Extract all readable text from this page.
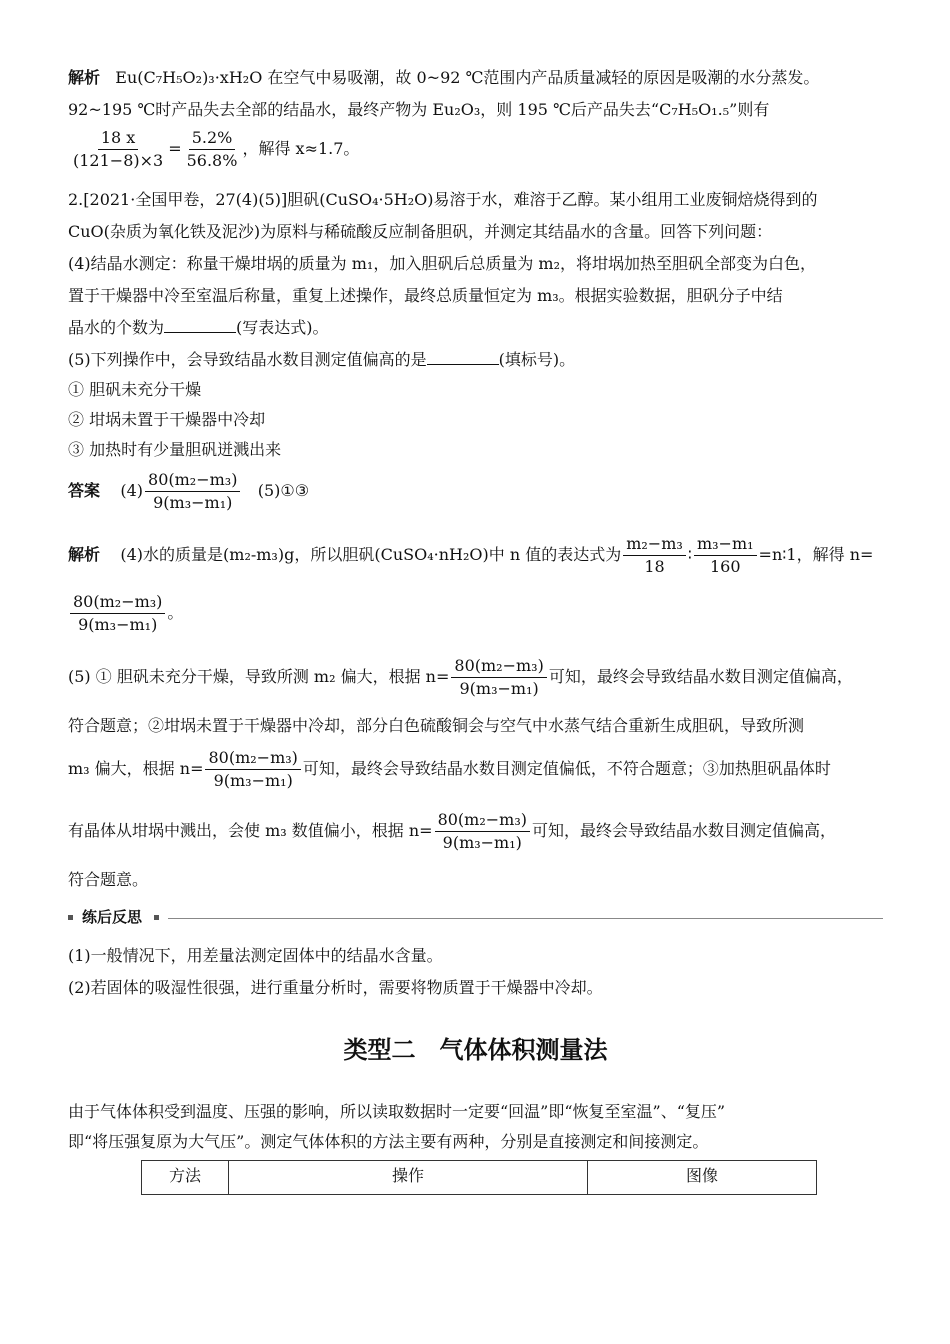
解析 Eu(C₇H₅O₂)₃·xH₂O 在空气中易吸潮，故 0~92 ℃范围内产品质量减轻的原因是吸潮的水分蒸发。
92~195 ℃时产品失去全部的结晶水，最终产物为 Eu₂O₃，则 195 ℃后产品失去“C₇H₅O₁.₅”则有
$\frac{18 x}{(121-8)\times 3} = \frac{5.2\%}{56.8\%}$ ，解得 x≈1.7。
2.[2021·全国甲卷，27(4)(5)]胆矾(CuSO₄·5H₂O)易溶于水，难溶于乙醇。某小组用工业废铜焙烧得到的
CuO(杂质为氧化铁及泥沙)为原料与稀硫酸反应制备胆矾，并测定其结晶水的含量。回答下列问题：
(4)结晶水测定：称量干燥坩埚的质量为 m₁，加入胆矾后总质量为 m₂，将坩埚加热至胆矾全部变为白色，
置于干燥器中冷至室温后称量，重复上述操作，最终总质量恒定为 m₃。根据实验数据，胆矾分子中结
晶水的个数为	(写表达式)。
(5)下列操作中，会导致结晶水数目测定值偏高的是	(填标号)。
① 胆矾未充分干燥
② 坩埚未置于干燥器中冷却
③ 加热时有少量胆矾迸溅出来
答案 $(4) \frac{\text{80(m₂−m₃)}}{\text{9(m₃−m₁)}}$ (5)①③
解析 (4)水的质量是(m₂-m₃)g，所以胆矾(CuSO₄·nH₂O)中 n 值的表达式为 $\frac{\text{m₂−m₃}}{18}$ ∶ $\frac{\text{m₃−m₁}}{160}$ =n∶1，解得 n=
$\frac{\text{80(m₂−m₃)}}{\text{9(m₃−m₁)}}$ 。
(5) ① 胆矾未充分干燥，导致所测 m₂ 偏大，根据 $n= \frac{\text{80(m₂−m₃)}}{\text{9(m₃−m₁)}}$ 可知，最终会导致结晶水数目测定值偏高，
符合题意；②坩埚未置于干燥器中冷却，部分白色硫酸铜会与空气中水蒸气结合重新生成胆矾，导致所测
m₃ 偏大，根据 $n= \frac{\text{80(m₂−m₃)}}{\text{9(m₃−m₁)}}$ 可知，最终会导致结晶水数目测定值偏低，不符合题意；③加热胆矾晶体时
有晶体从坩埚中溅出，会使 m₃ 数值偏小，根据 $n= \frac{\text{80(m₂−m₃)}}{\text{9(m₃−m₁)}}$ 可知，最终会导致结晶水数目测定值偏高，
符合题意。
练后反思
(1)一般情况下，用差量法测定固体中的结晶水含量。
(2)若固体的吸湿性很强，进行重量分析时，需要将物质置于干燥器中冷却。
类型二　气体体积测量法
由于气体体积受到温度、压强的影响，所以读取数据时一定要“回温”即“恢复至室温”、“复压”
即“将压强复原为大气压”。测定气体体积的方法主要有两种，分别是直接测定和间接测定。
方法	操作	图像
